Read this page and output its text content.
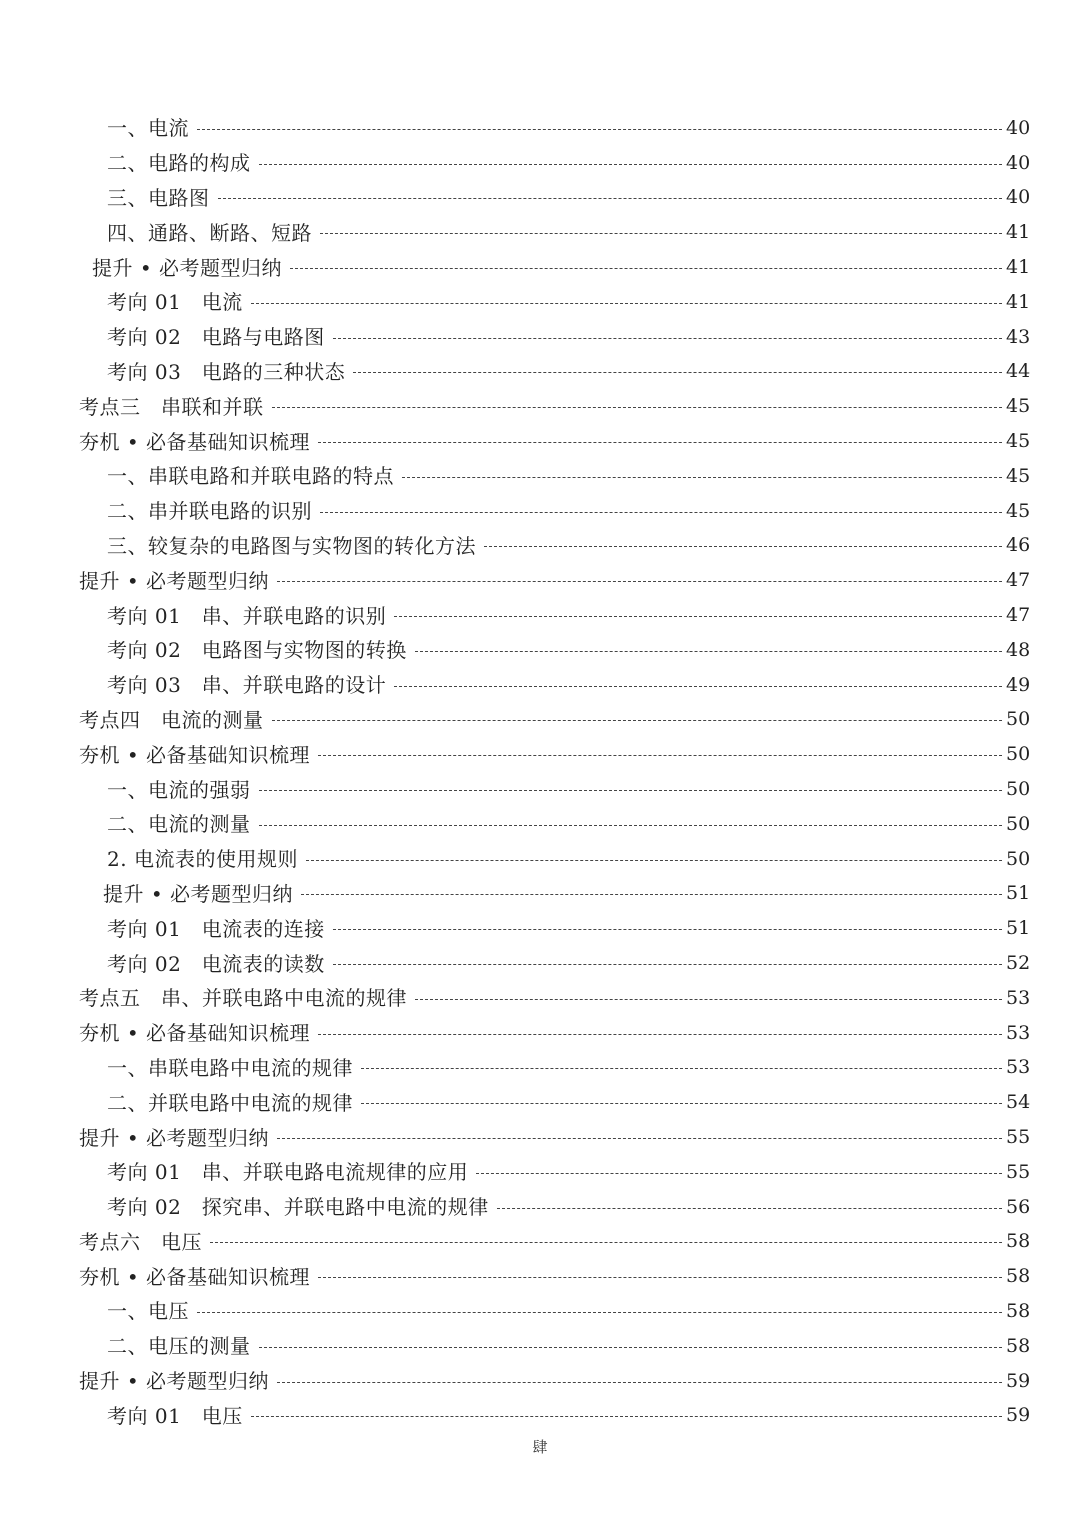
一、电流	40
二、电路的构成	40
三、电路图	40
四、通路、断路、短路	41
提升 • 必考题型归纳	41
考向 01　电流	41
考向 02　电路与电路图	43
考向 03　电路的三种状态	44
考点三　串联和并联	45
夯机 • 必备基础知识梳理	45
一、串联电路和并联电路的特点	45
二、串并联电路的识别	45
三、较复杂的电路图与实物图的转化方法	46
提升 • 必考题型归纳	47
考向 01　串、并联电路的识别	47
考向 02　电路图与实物图的转换	48
考向 03　串、并联电路的设计	49
考点四　电流的测量	50
夯机 • 必备基础知识梳理	50
一、电流的强弱	50
二、电流的测量	50
2. 电流表的使用规则	50
提升 • 必考题型归纳	51
考向 01　电流表的连接	51
考向 02　电流表的读数	52
考点五　串、并联电路中电流的规律	53
夯机 • 必备基础知识梳理	53
一、串联电路中电流的规律	53
二、并联电路中电流的规律	54
提升 • 必考题型归纳	55
考向 01　串、并联电路电流规律的应用	55
考向 02　探究串、并联电路中电流的规律	56
考点六　电压	58
夯机 • 必备基础知识梳理	58
一、电压	58
二、电压的测量	58
提升 • 必考题型归纳	59
考向 01　电压	59
肆
